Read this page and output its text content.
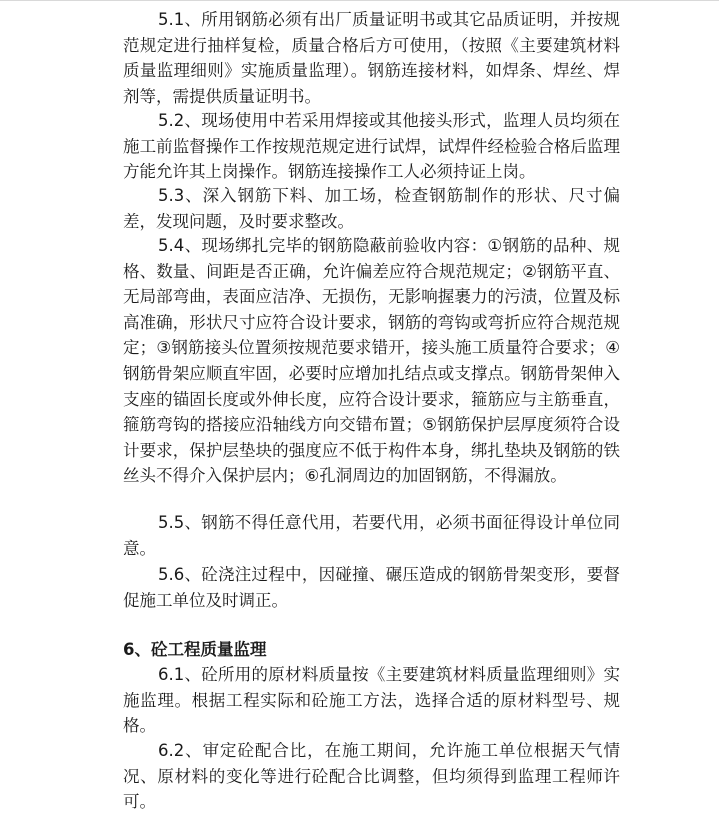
5.1、所用钢筋必须有出厂质量证明书或其它品质证明，并按规范规定进行抽样复检，质量合格后方可使用，（按照《主要建筑材料质量监理细则》实施质量监理）。钢筋连接材料，如焊条、焊丝、焊剂等，需提供质量证明书。

5.2、现场使用中若采用焊接或其他接头形式，监理人员均须在施工前监督操作工作按规范规定进行试焊，试焊件经检验合格后监理方能允许其上岗操作。钢筋连接操作工人必须持证上岗。

5.3、深入钢筋下料、加工场，检查钢筋制作的形状、尺寸偏差，发现问题，及时要求整改。

5.4、现场绑扎完毕的钢筋隐蔽前验收内容：①钢筋的品种、规格、数量、间距是否正确，允许偏差应符合规范规定；②钢筋平直、无局部弯曲，表面应洁净、无损伤，无影响握裹力的污渍，位置及标高准确，形状尺寸应符合设计要求，钢筋的弯钩或弯折应符合规范规定；③钢筋接头位置须按规范要求错开，接头施工质量符合要求；④钢筋骨架应顺直牢固，必要时应增加扎结点或支撑点。钢筋骨架伸入支座的锚固长度或外伸长度，应符合设计要求，箍筋应与主筋垂直，箍筋弯钩的搭接应沿轴线方向交错布置；⑤钢筋保护层厚度须符合设计要求，保护层垫块的强度应不低于构件本身，绑扎垫块及钢筋的铁丝头不得介入保护层内；⑥孔洞周边的加固钢筋，不得漏放。

5.5、钢筋不得任意代用，若要代用，必须书面征得设计单位同意。

5.6、砼浇注过程中，因碰撞、碾压造成的钢筋骨架变形，要督促施工单位及时调正。

6、砼工程质量监理

6.1、砼所用的原材料质量按《主要建筑材料质量监理细则》实施监理。根据工程实际和砼施工方法，选择合适的原材料型号、规格。

6.2、审定砼配合比，在施工期间，允许施工单位根据天气情况、原材料的变化等进行砼配合比调整，但均须得到监理工程师许可。
